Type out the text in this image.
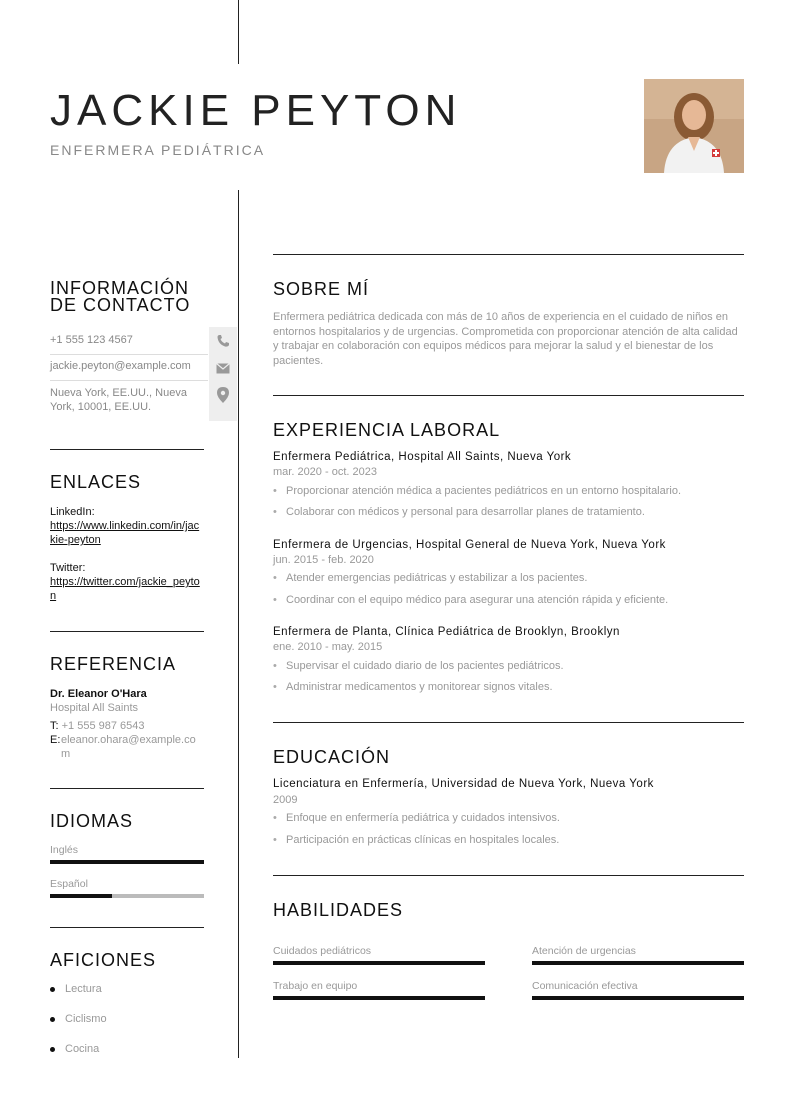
JACKIE PEYTON
ENFERMERA PEDIÁTRICA
INFORMACIÓN
DE CONTACTO
+1 555 123 4567
jackie.peyton@example.com
Nueva York, EE.UU., Nueva York, 10001, EE.UU.
ENLACES
LinkedIn:
https://www.linkedin.com/in/jackie-peyton
Twitter:
https://twitter.com/jackie_peyton
REFERENCIA
Dr. Eleanor O'Hara
Hospital All Saints
T: +1 555 987 6543
E: eleanor.ohara@example.com
IDIOMAS
Inglés
Español
AFICIONES
Lectura
Ciclismo
Cocina
SOBRE MÍ
Enfermera pediátrica dedicada con más de 10 años de experiencia en el cuidado de niños en entornos hospitalarios y de urgencias. Comprometida con proporcionar atención de alta calidad y trabajar en colaboración con equipos médicos para mejorar la salud y el bienestar de los pacientes.
EXPERIENCIA LABORAL
Enfermera Pediátrica, Hospital All Saints, Nueva York
mar. 2020 - oct. 2023
• Proporcionar atención médica a pacientes pediátricos en un entorno hospitalario.
• Colaborar con médicos y personal para desarrollar planes de tratamiento.
Enfermera de Urgencias, Hospital General de Nueva York, Nueva York
jun. 2015 - feb. 2020
• Atender emergencias pediátricas y estabilizar a los pacientes.
• Coordinar con el equipo médico para asegurar una atención rápida y eficiente.
Enfermera de Planta, Clínica Pediátrica de Brooklyn, Brooklyn
ene. 2010 - may. 2015
• Supervisar el cuidado diario de los pacientes pediátricos.
• Administrar medicamentos y monitorear signos vitales.
EDUCACIÓN
Licenciatura en Enfermería, Universidad de Nueva York, Nueva York
2009
• Enfoque en enfermería pediátrica y cuidados intensivos.
• Participación en prácticas clínicas en hospitales locales.
HABILIDADES
Cuidados pediátricos	Atención de urgencias
Trabajo en equipo	Comunicación efectiva
